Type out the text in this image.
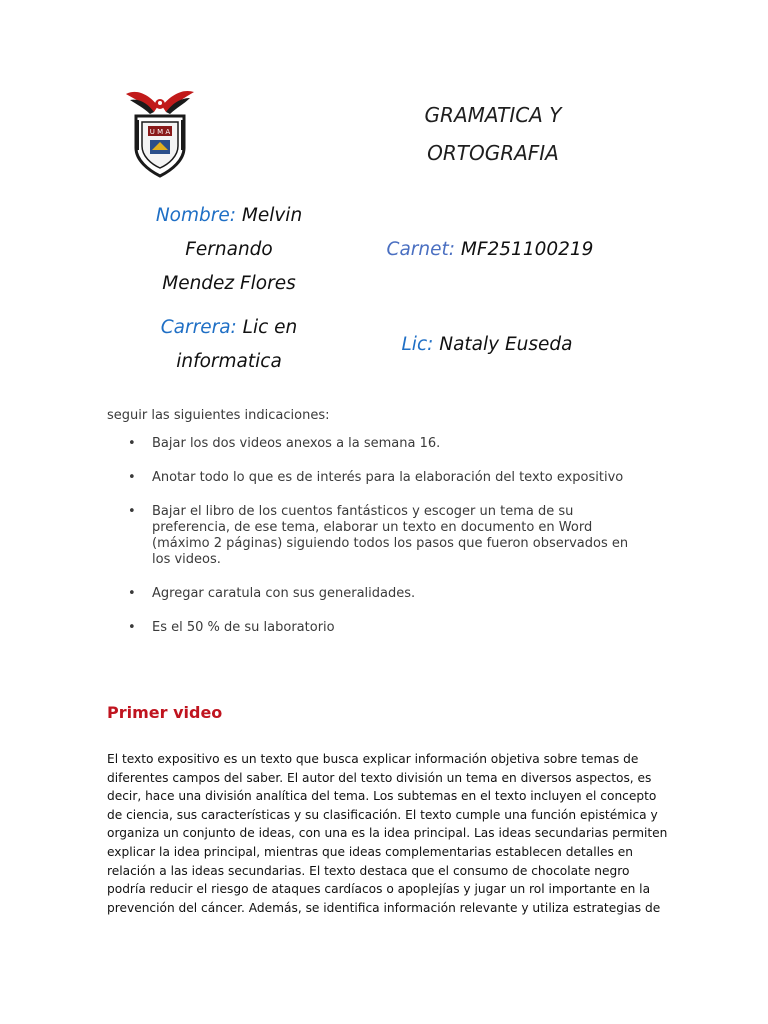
U M A
GRAMATICA Y
ORTOGRAFIA
Nombre: Melvin
Fernando
Mendez Flores
Carnet: MF251100219
Carrera: Lic en
informatica
Lic: Nataly Euseda
seguir las siguientes indicaciones:
• Bajar los dos videos anexos a la semana 16.
• Anotar todo lo que es de interés para la elaboración del texto expositivo
• Bajar el libro de los cuentos fantásticos y escoger un tema de su
preferencia, de ese tema, elaborar un texto en documento en Word
(máximo 2 páginas) siguiendo todos los pasos que fueron observados en
los videos.
• Agregar caratula con sus generalidades.
• Es el 50 % de su laboratorio
Primer video
El texto expositivo es un texto que busca explicar información objetiva sobre temas de
diferentes campos del saber. El autor del texto división un tema en diversos aspectos, es
decir, hace una división analítica del tema. Los subtemas en el texto incluyen el concepto
de ciencia, sus características y su clasificación. El texto cumple una función epistémica y
organiza un conjunto de ideas, con una es la idea principal. Las ideas secundarias permiten
explicar la idea principal, mientras que ideas complementarias establecen detalles en
relación a las ideas secundarias. El texto destaca que el consumo de chocolate negro
podría reducir el riesgo de ataques cardíacos o apoplejías y jugar un rol importante en la
prevención del cáncer. Además, se identifica información relevante y utiliza estrategias de
